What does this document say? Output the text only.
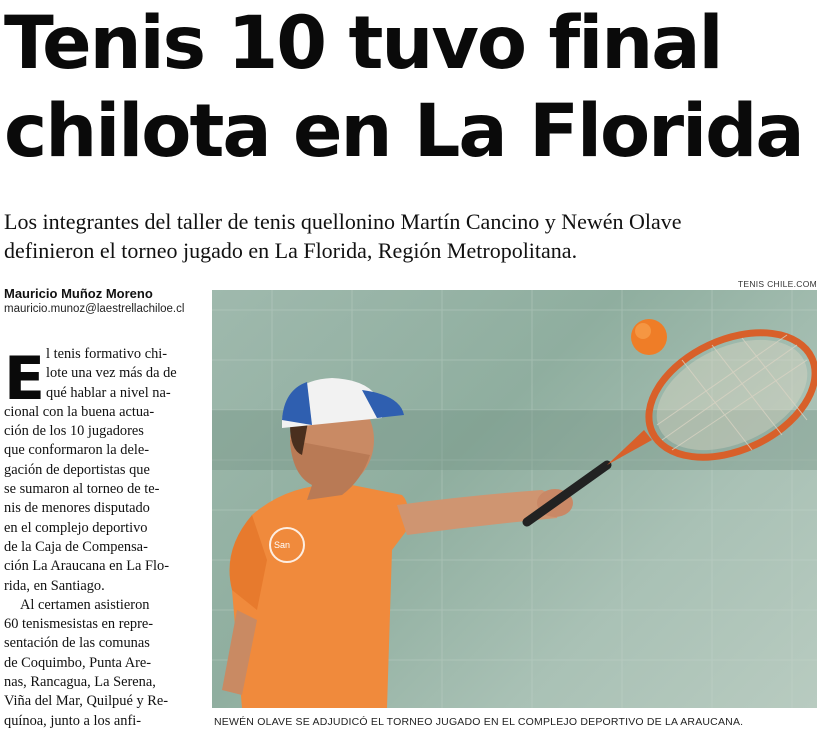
Tenis 10 tuvo final
chilota en La Florida

Los integrantes del taller de tenis quellonino Martín Cancino y Newén Olave
definieron el torneo jugado en La Florida, Región Metropolitana.

Mauricio Muñoz Moreno
mauricio.munoz@laestrellachiloe.cl
E l tenis formativo chi-
lote una vez más da de
qué hablar a nivel na-
cional con la buena actua-
ción de los 10 jugadores
que conformaron la dele-
gación de deportistas que
se sumaron al torneo de te-
nis de menores disputado
en el complejo deportivo
de la Caja de Compensa-
ción La Araucana en La Flo-
rida, en Santiago.
Al certamen asistieron
60 tenismesistas en repre-
sentación de las comunas
de Coquimbo, Punta Are-
nas, Rancagua, La Serena,
Viña del Mar, Quilpué y Re-
quínoa, junto a los anfi-
TENIS CHILE.COM
San
NEWÉN OLAVE SE ADJUDICÓ EL TORNEO JUGADO EN EL COMPLEJO DEPORTIVO DE LA ARAUCANA.
